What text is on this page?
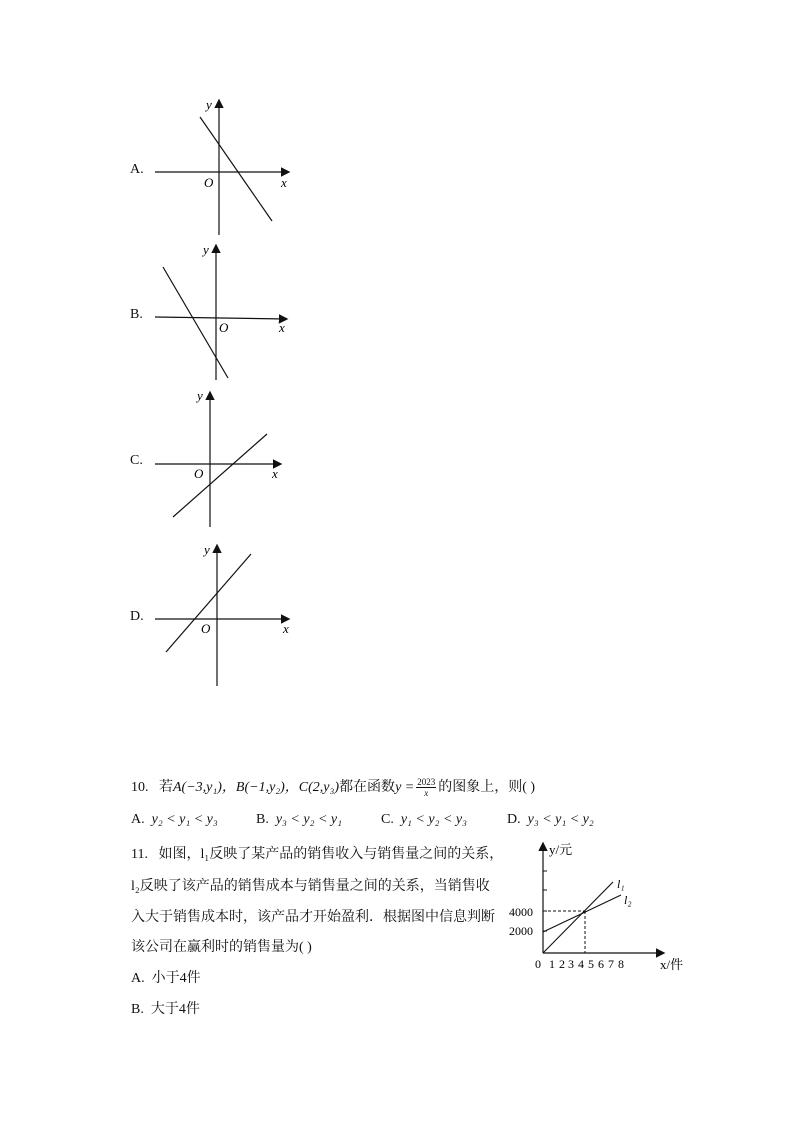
A.
y
O	x
B.
y
O	x
C.
y
O	x
D.
y
O	x
10. 若A(−3,y₁)，B(−1,y₂)，C(2,y₃)都在函数$y = \frac{2023}{x}$ 的图象上，则( )
A. y₂ < y₁ < y₃	B. y₃ < y₂ < y₁	C. y₁ < y₂ < y₃	D. y₃ < y₁ < y₂
11. 如图，l₁反映了某产品的销售收入与销售量之间的关系，
l₂反映了该产品的销售成本与销售量之间的关系，当销售收
入大于销售成本时，该产品才开始盈利．根据图中信息判断
该公司在赢利时的销售量为( )
A. 小于4件
B. 大于4件
l₁
l₂
y/元
x/件
4000
2000
0 1 2 3 4 5 6 7 8
